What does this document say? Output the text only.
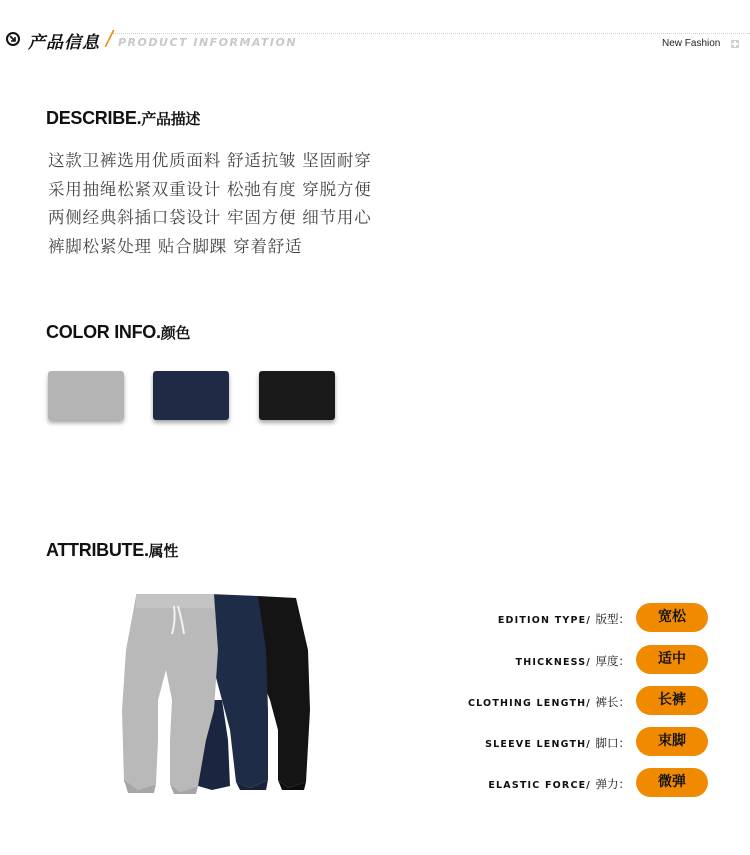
产品信息 / PRODUCT INFORMATION	New Fashion
DESCRIBE.产品描述
这款卫裤选用优质面料 舒适抗皱 坚固耐穿
采用抽绳松紧双重设计 松弛有度 穿脱方便
两侧经典斜插口袋设计 牢固方便 细节用心
裤脚松紧处理 贴合脚踝 穿着舒适
COLOR INFO.颜色
ATTRIBUTE.属性
EDITION TYPE/ 版型：	宽松
THICKNESS/ 厚度：	适中
CLOTHING LENGTH/ 裤长：	长裤
SLEEVE LENGTH/ 脚口：	束脚
ELASTIC FORCE/ 弹力：	微弹
